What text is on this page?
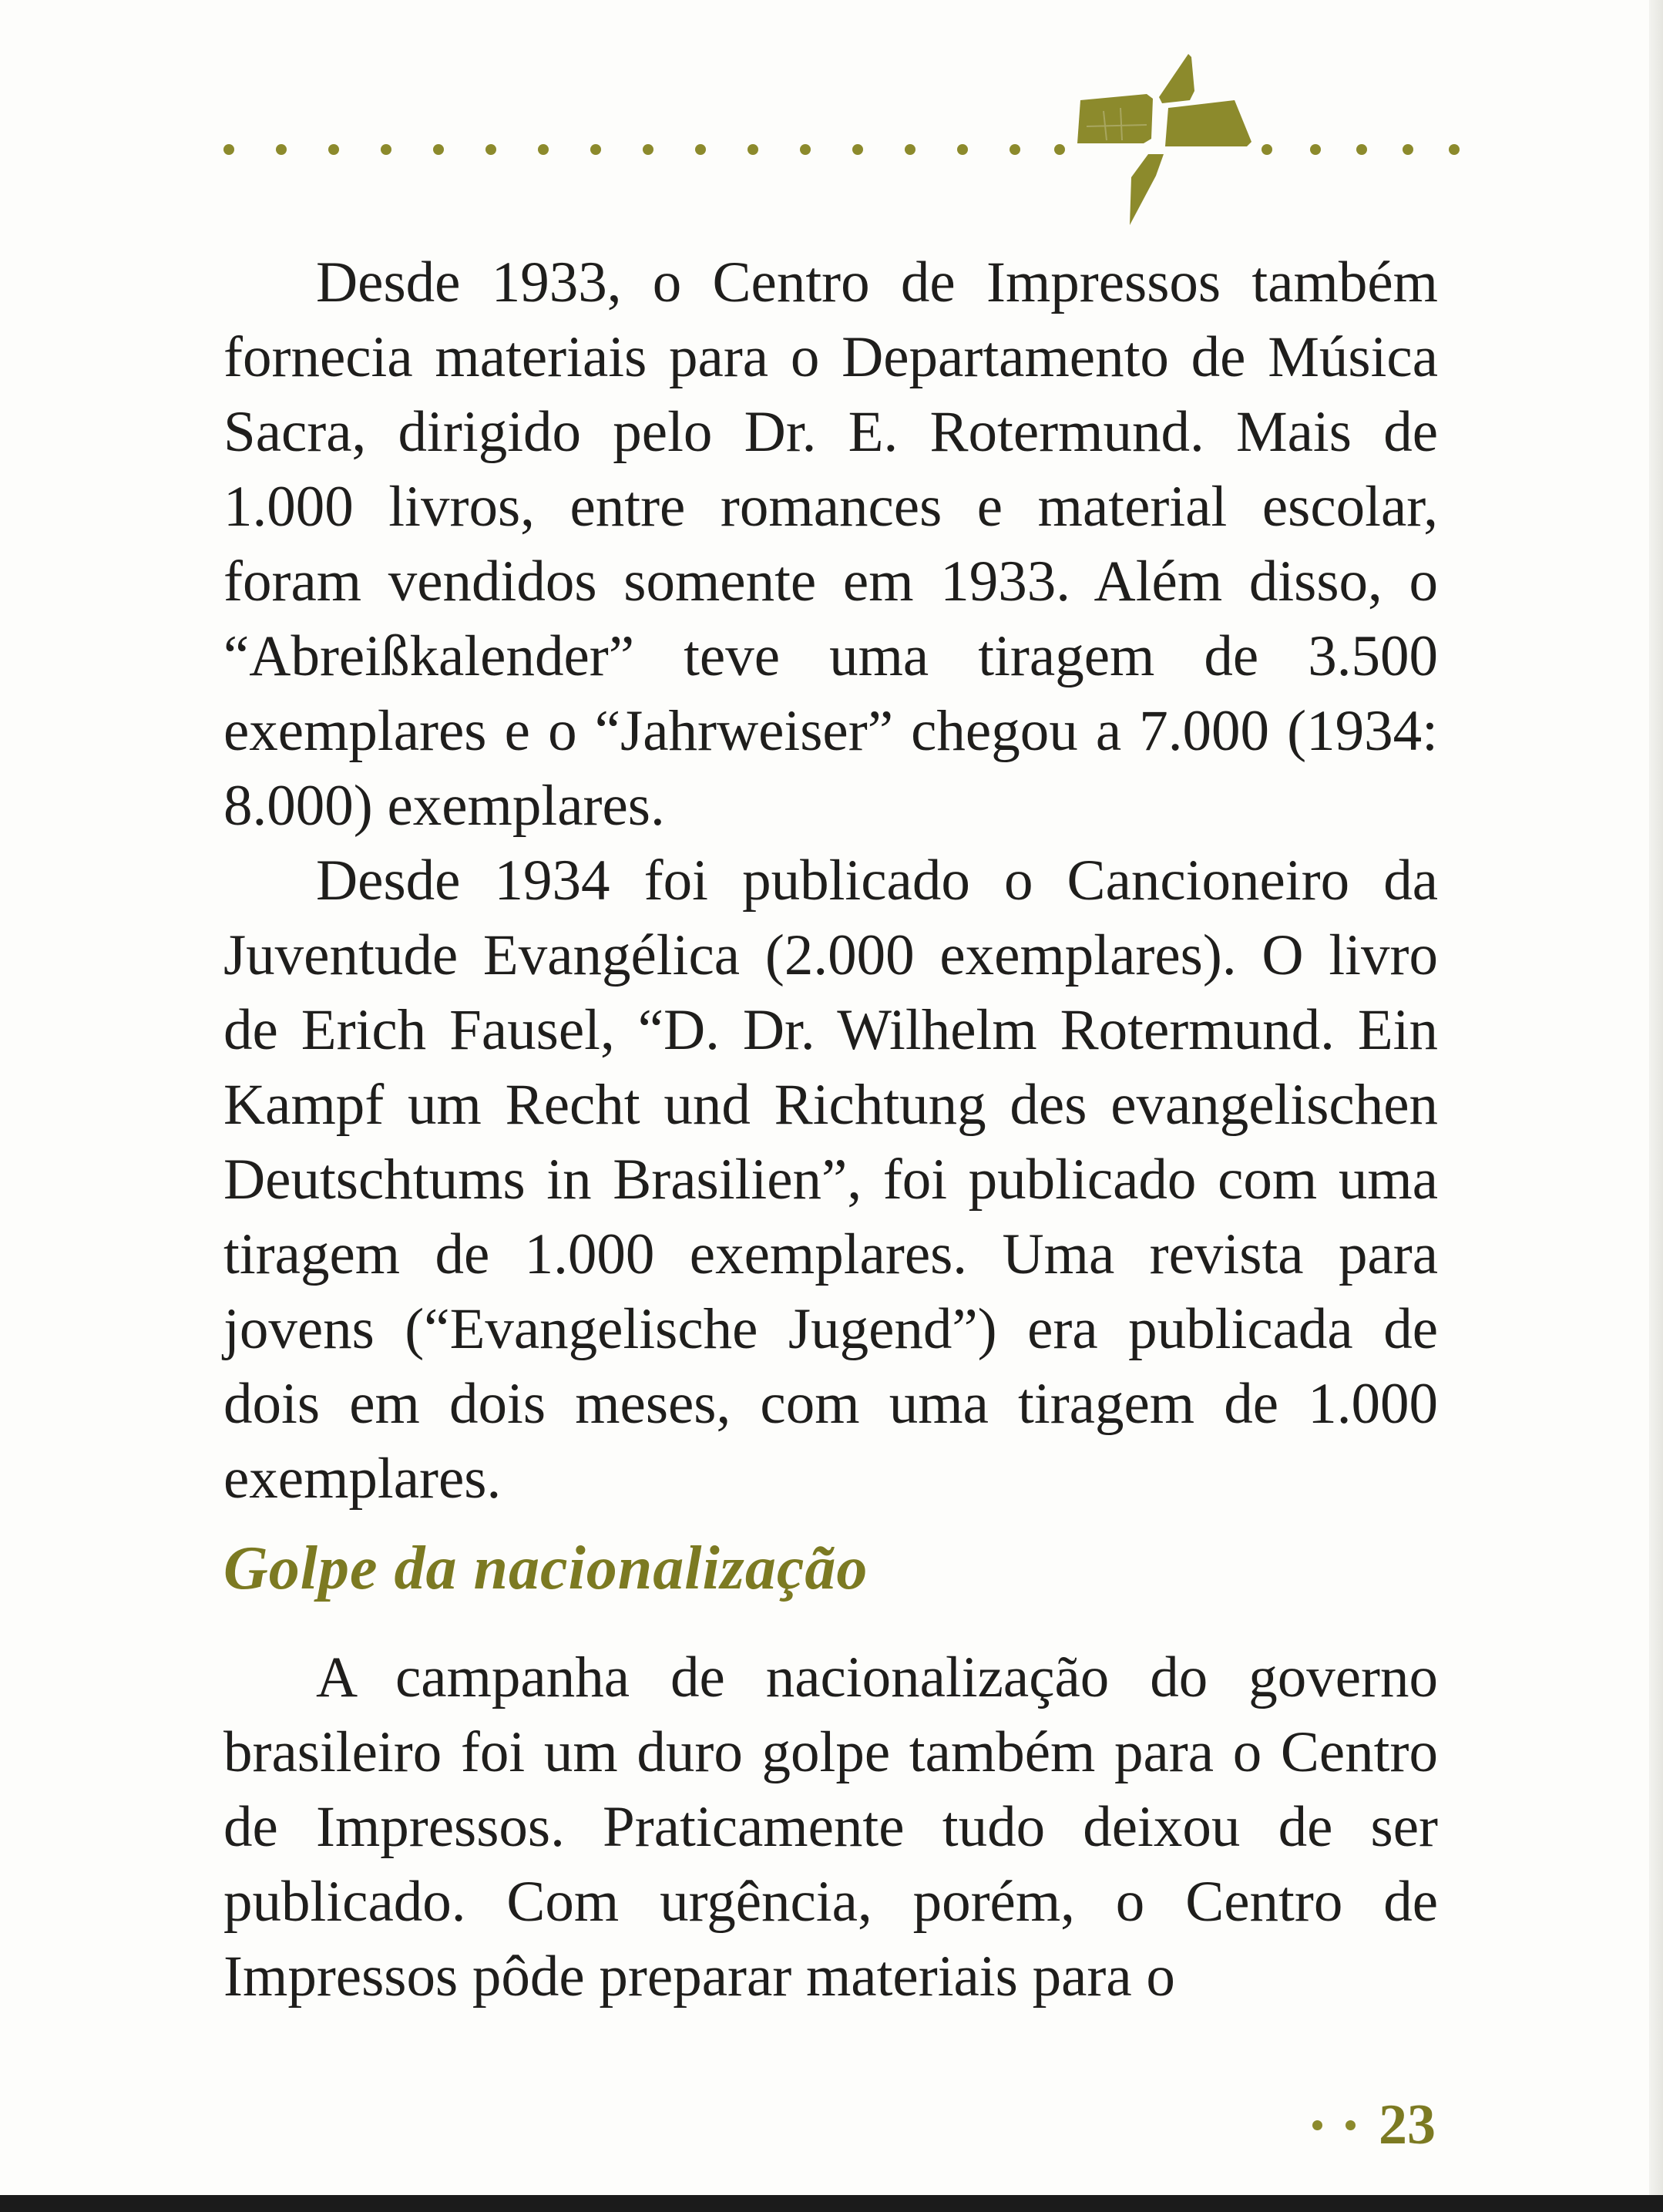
Desde 1933, o Centro de Impressos também fornecia materiais para o Departamento de Música Sacra, dirigido pelo Dr. E. Rotermund. Mais de 1.000 livros, entre romances e material escolar, foram vendidos somente em 1933. Além disso, o “Abreißkalender” teve uma tiragem de 3.500 exemplares e o “Jahrweiser” chegou a 7.000 (1934: 8.000) exemplares.

Desde 1934 foi publicado o Cancioneiro da Juventude Evangélica (2.000 exemplares). O livro de Erich Fausel, “D. Dr. Wilhelm Rotermund. Ein Kampf um Recht und Richtung des evangelischen Deutschtums in Brasilien”, foi publicado com uma tiragem de 1.000 exemplares. Uma revista para jovens (“Evangelische Jugend”) era publicada de dois em dois meses, com uma tiragem de 1.000 exemplares.

Golpe da nacionalização

A campanha de nacionalização do governo brasileiro foi um duro golpe também para o Centro de Impressos. Praticamente tudo deixou de ser publicado. Com urgência, porém, o Centro de Impressos pôde preparar materiais para o

23
